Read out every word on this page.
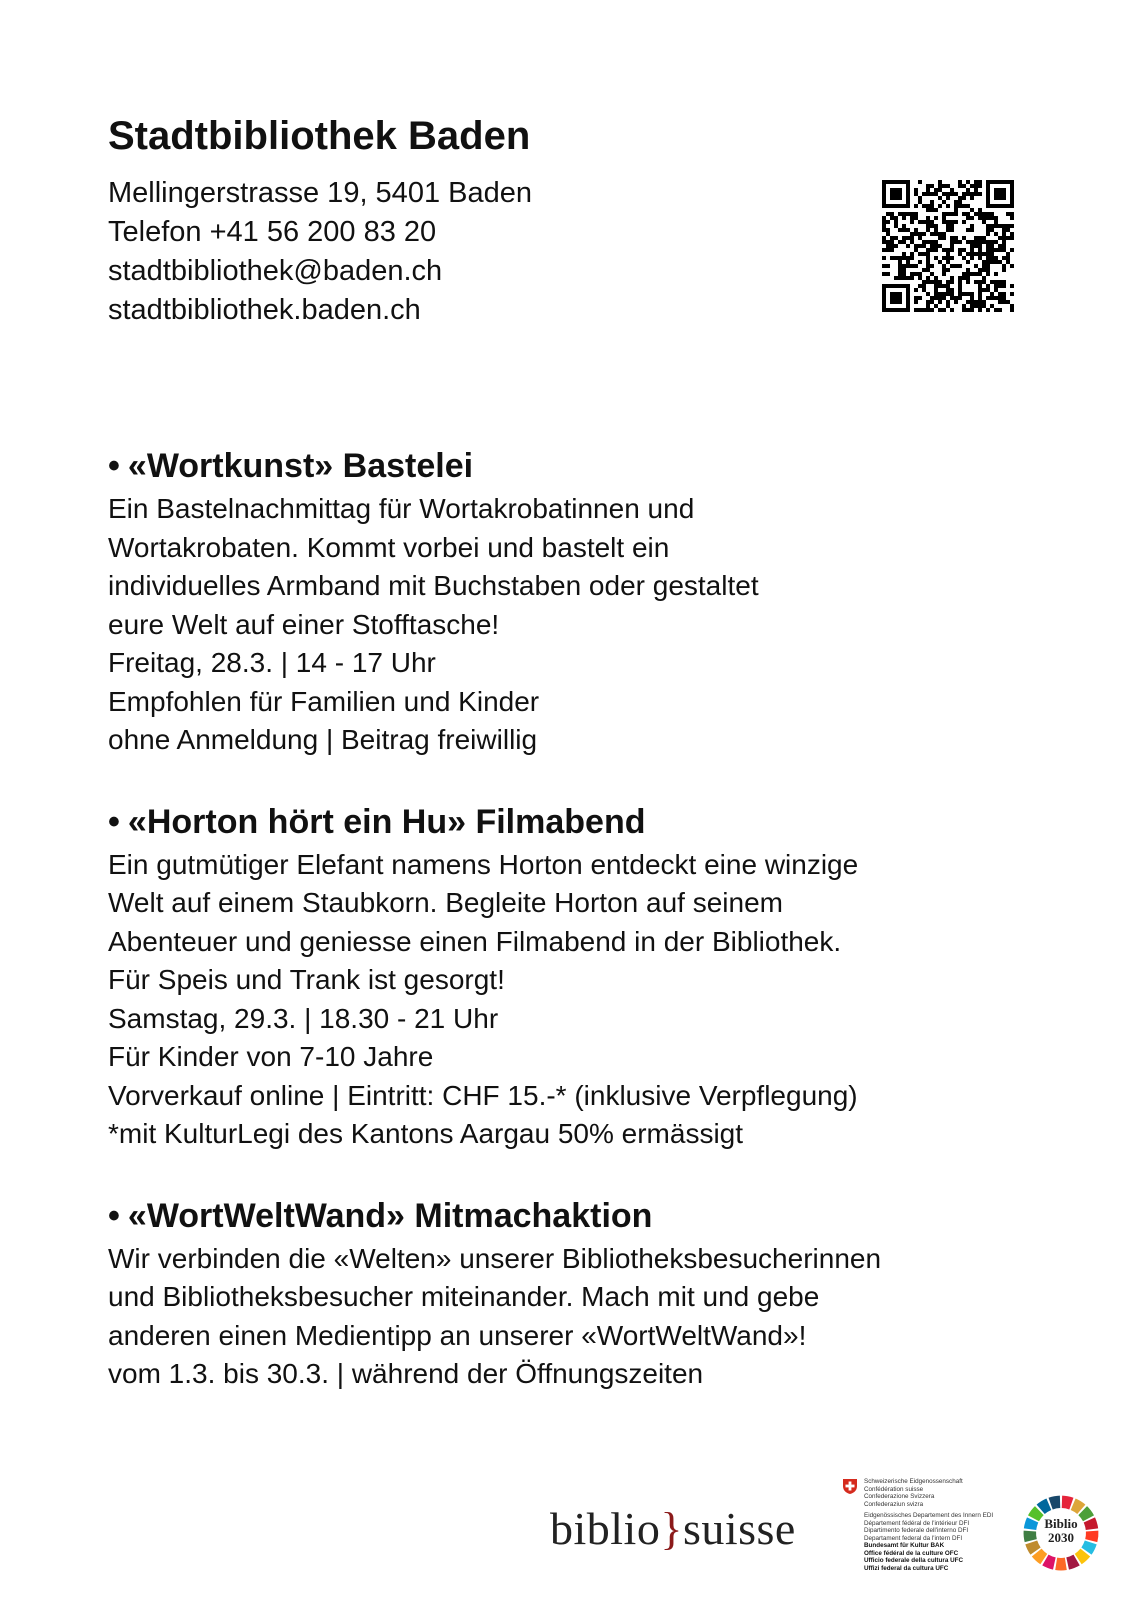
Stadtbibliothek Baden

Mellingerstrasse 19, 5401 Baden

Telefon +41 56 200 83 20

stadtbibliothek@baden.ch

stadtbibliothek.baden.ch

• «Wortkunst» Bastelei

Ein Bastelnachmittag für Wortakrobatinnen und

Wortakrobaten. Kommt vorbei und bastelt ein

individuelles Armband mit Buchstaben oder gestaltet

eure Welt auf einer Stofftasche!

Freitag, 28.3. | 14 - 17 Uhr

Empfohlen für Familien und Kinder

ohne Anmeldung | Beitrag freiwillig

• «Horton hört ein Hu» Filmabend

Ein gutmütiger Elefant namens Horton entdeckt eine winzige

Welt auf einem Staubkorn. Begleite Horton auf seinem

Abenteuer und geniesse einen Filmabend in der Bibliothek.

Für Speis und Trank ist gesorgt!

Samstag, 29.3. | 18.30 - 21 Uhr

Für Kinder von 7-10 Jahre

Vorverkauf online | Eintritt: CHF 15.-* (inklusive Verpflegung)

*mit KulturLegi des Kantons Aargau 50% ermässigt

• «WortWeltWand» Mitmachaktion

Wir verbinden die «Welten» unserer Bibliotheksbesucherinnen

und Bibliotheksbesucher miteinander. Mach mit und gebe

anderen einen Medientipp an unserer «WortWeltWand»!

vom 1.3. bis 30.3. | während der Öffnungszeiten

biblio}suisse
Schweizerische Eidgenossenschaft
Confédération suisse
Confederazione Svizzera
Confederaziun svizra
Eidgenössisches Departement des Innern EDI
Département fédéral de l'intérieur DFI
Dipartimento federale dell'interno DFI
Departament federal da l'intern DFI
Bundesamt für Kultur BAK
Office fédéral de la culture OFC
Ufficio federale della cultura UFC
Uffizi federal da cultura UFC
Biblio
2030
